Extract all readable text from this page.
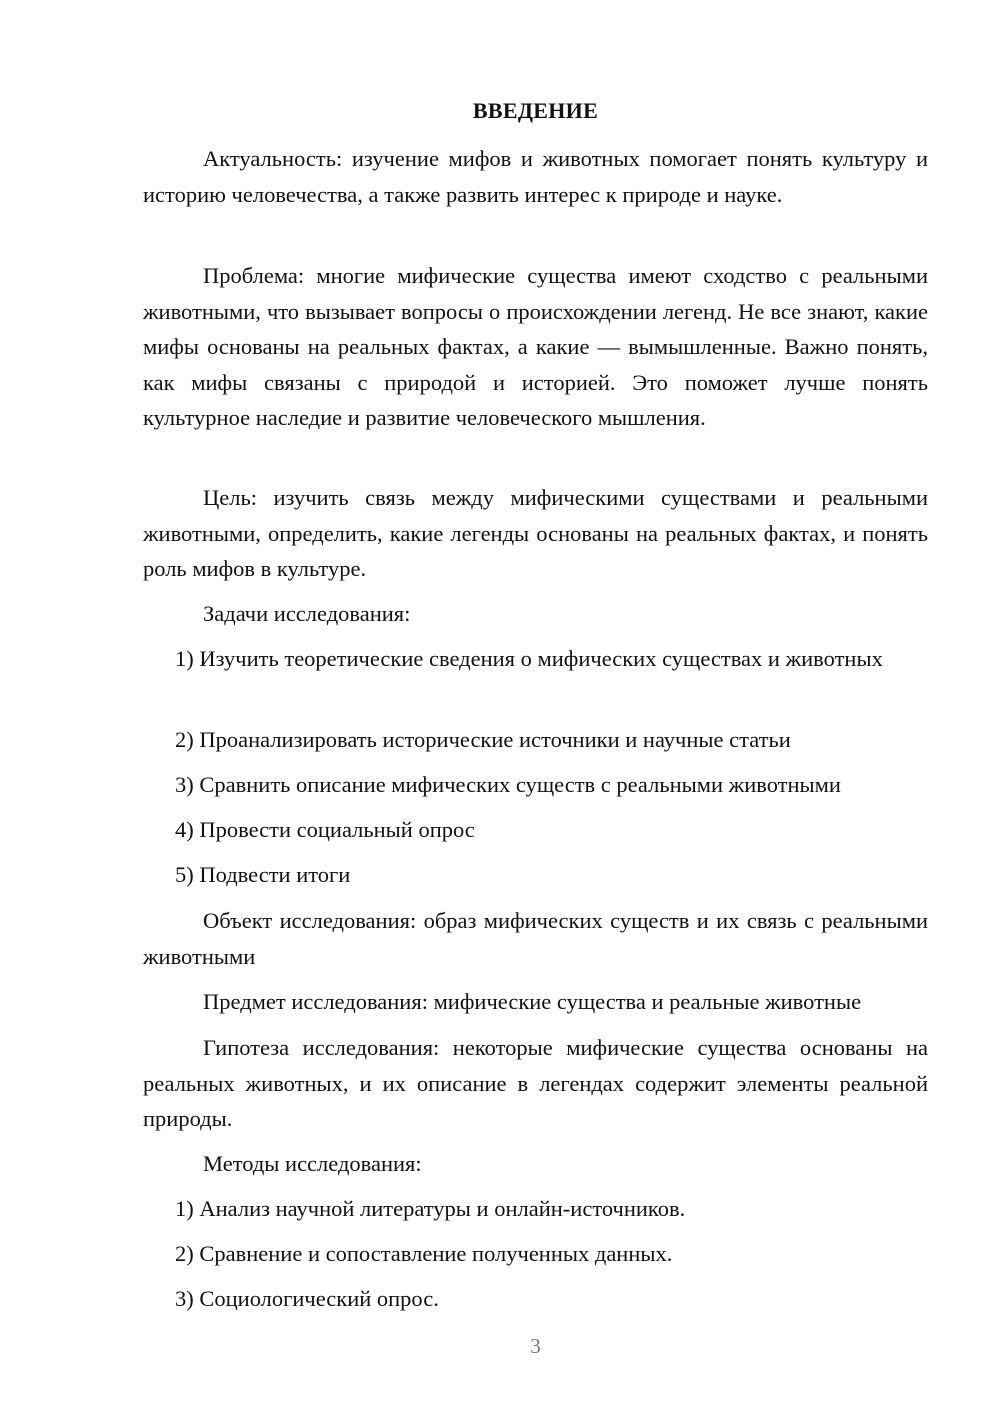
ВВЕДЕНИЕ

Актуальность: изучение мифов и животных помогает понять культуру и историю человечества, а также развить интерес к природе и науке.

Проблема: многие мифические существа имеют сходство с реальными животными, что вызывает вопросы о происхождении легенд. Не все знают, какие мифы основаны на реальных фактах, а какие — вымышленные. Важно понять, как мифы связаны с природой и историей. Это поможет лучше понять культурное наследие и развитие человеческого мышления.

Цель: изучить связь между мифическими существами и реальными животными, определить, какие легенды основаны на реальных фактах, и понять роль мифов в культуре.

Задачи исследования:

1) Изучить теоретические сведения о мифических существах и животных

2) Проанализировать исторические источники и научные статьи

3) Сравнить описание мифических существ с реальными животными

4) Провести социальный опрос

5) Подвести итоги

Объект исследования: образ мифических существ и их связь с реальными животными

Предмет исследования: мифические существа и реальные животные

Гипотеза исследования: некоторые мифические существа основаны на реальных животных, и их описание в легендах содержит элементы реальной природы.

Методы исследования:

1) Анализ научной литературы и онлайн-источников.

2) Сравнение и сопоставление полученных данных.

3) Социологический опрос.

3
